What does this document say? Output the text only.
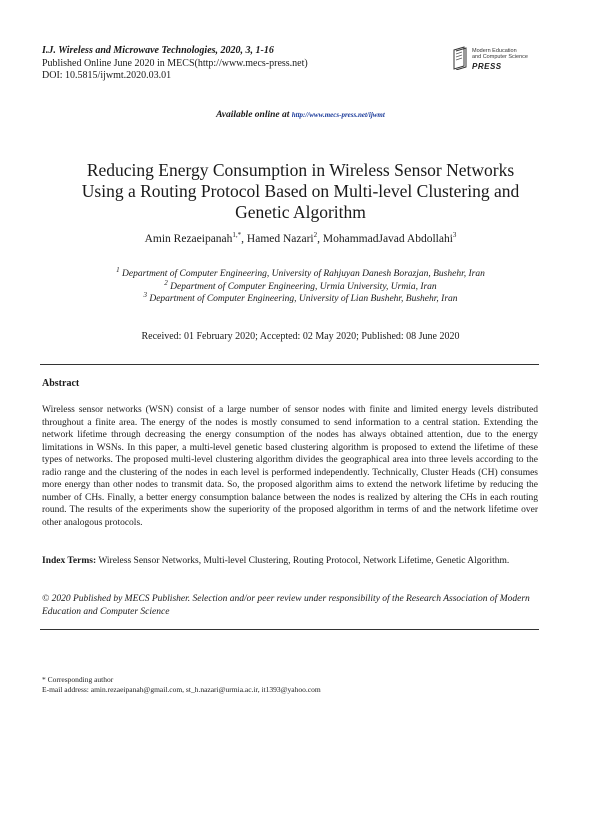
I.J. Wireless and Microwave Technologies, 2020, 3, 1-16
Published Online June 2020 in MECS(http://www.mecs-press.net)
DOI: 10.5815/ijwmt.2020.03.01
Modern Education
and Computer Science
PRESS
Available online at http://www.mecs-press.net/ijwmt
Reducing Energy Consumption in Wireless Sensor Networks
Using a Routing Protocol Based on Multi-level Clustering and
Genetic Algorithm
Amin Rezaeipanah$^{1,*}$, Hamed Nazari$^2$, MohammadJavad Abdollahi$^3$
$^1$ Department of Computer Engineering, University of Rahjuyan Danesh Borazjan, Bushehr, Iran
$^2$ Department of Computer Engineering, Urmia University, Urmia, Iran
$^3$ Department of Computer Engineering, University of Lian Bushehr, Bushehr, Iran
Received: 01 February 2020; Accepted: 02 May 2020; Published: 08 June 2020
Abstract
Wireless sensor networks (WSN) consist of a large number of sensor nodes with finite and limited energy levels distributed throughout a finite area. The energy of the nodes is mostly consumed to send information to a central station. Extending the network lifetime through decreasing the energy consumption of the nodes has always obtained attention, due to the energy limitations in WSNs. In this paper, a multi-level genetic based clustering algorithm is proposed to extend the lifetime of these types of networks. The proposed multi-level clustering algorithm divides the geographical area into three levels according to the radio range and the clustering of the nodes in each level is performed independently. Technically, Cluster Heads (CH) consumes more energy than other nodes to transmit data. So, the proposed algorithm aims to extend the network lifetime by reducing the number of CHs. Finally, a better energy consumption balance between the nodes is realized by altering the CHs in each routing round. The results of the experiments show the superiority of the proposed algorithm in terms of and the network lifetime over other analogous protocols.
Index Terms: Wireless Sensor Networks, Multi-level Clustering, Routing Protocol, Network Lifetime, Genetic Algorithm.
© 2020 Published by MECS Publisher. Selection and/or peer review under responsibility of the Research Association of Modern Education and Computer Science
* Corresponding author
E-mail address: amin.rezaeipanah@gmail.com, st_h.nazari@urmia.ac.ir, it1393@yahoo.com
